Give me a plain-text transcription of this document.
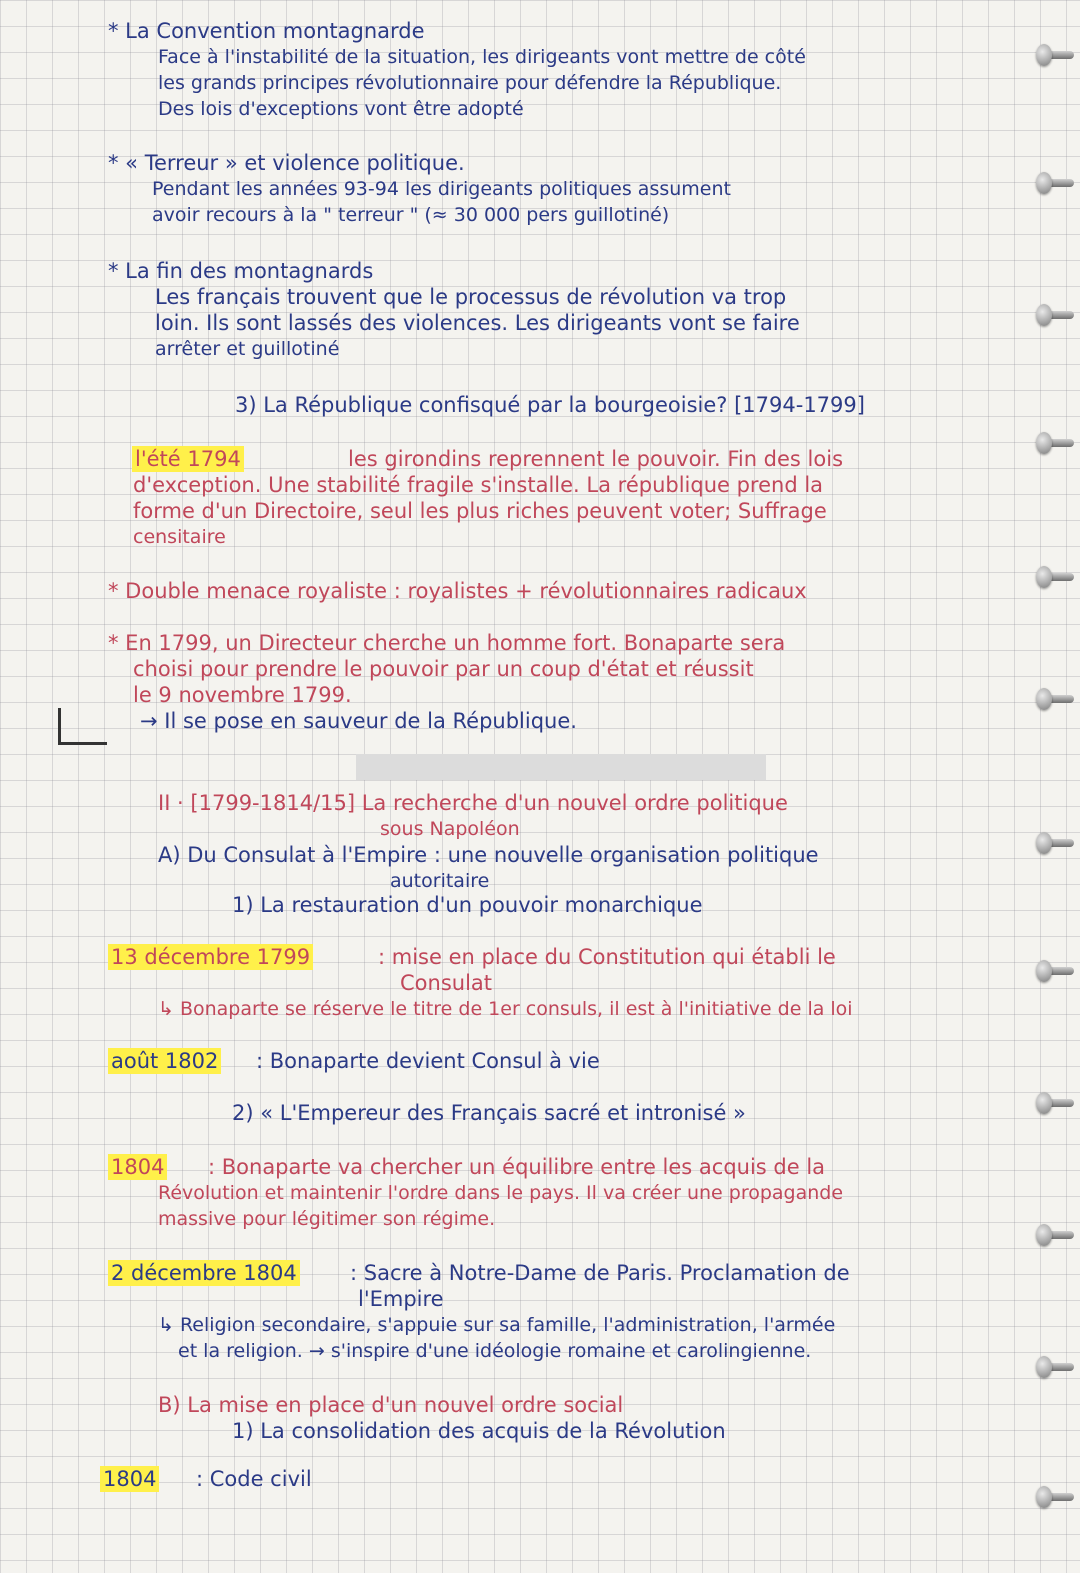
* La Convention montagnarde
Face à l'instabilité de la situation, les dirigeants vont mettre de côté
les grands principes révolutionnaire pour défendre la République.
Des lois d'exceptions vont être adopté
* « Terreur » et violence politique.
Pendant les années 93-94 les dirigeants politiques assument
avoir recours à la " terreur " (≈ 30 000 pers guillotiné)
* La fin des montagnards
Les français trouvent que le processus de révolution va trop
loin. Ils sont lassés des violences. Les dirigeants vont se faire
arrêter et guillotiné
3) La République confisqué par la bourgeoisie? [1794-1799]
l'été 1794	les girondins reprennent le pouvoir. Fin des lois
d'exception. Une stabilité fragile s'installe. La république prend la
forme d'un Directoire, seul les plus riches peuvent voter; Suffrage
censitaire
* Double menace royaliste : royalistes + révolutionnaires radicaux
* En 1799, un Directeur cherche un homme fort. Bonaparte sera
choisi pour prendre le pouvoir par un coup d'état et réussit
le 9 novembre 1799.
→ Il se pose en sauveur de la République.
II · [1799-1814/15] La recherche d'un nouvel ordre politique
sous Napoléon
A) Du Consulat à l'Empire : une nouvelle organisation politique
autoritaire
1) La restauration d'un pouvoir monarchique
13 décembre 1799	: mise en place du Constitution qui établi le
Consulat
↳ Bonaparte se réserve le titre de 1er consuls, il est à l'initiative de la loi
août 1802 : Bonaparte devient Consul à vie
2) « L'Empereur des Français sacré et intronisé »
1804 : Bonaparte va chercher un équilibre entre les acquis de la
Révolution et maintenir l'ordre dans le pays. Il va créer une propagande
massive pour légitimer son régime.
2 décembre 1804	: Sacre à Notre-Dame de Paris. Proclamation de
l'Empire
↳ Religion secondaire, s'appuie sur sa famille, l'administration, l'armée
et la religion. → s'inspire d'une idéologie romaine et carolingienne.
B) La mise en place d'un nouvel ordre social
1) La consolidation des acquis de la Révolution
1804 : Code civil
